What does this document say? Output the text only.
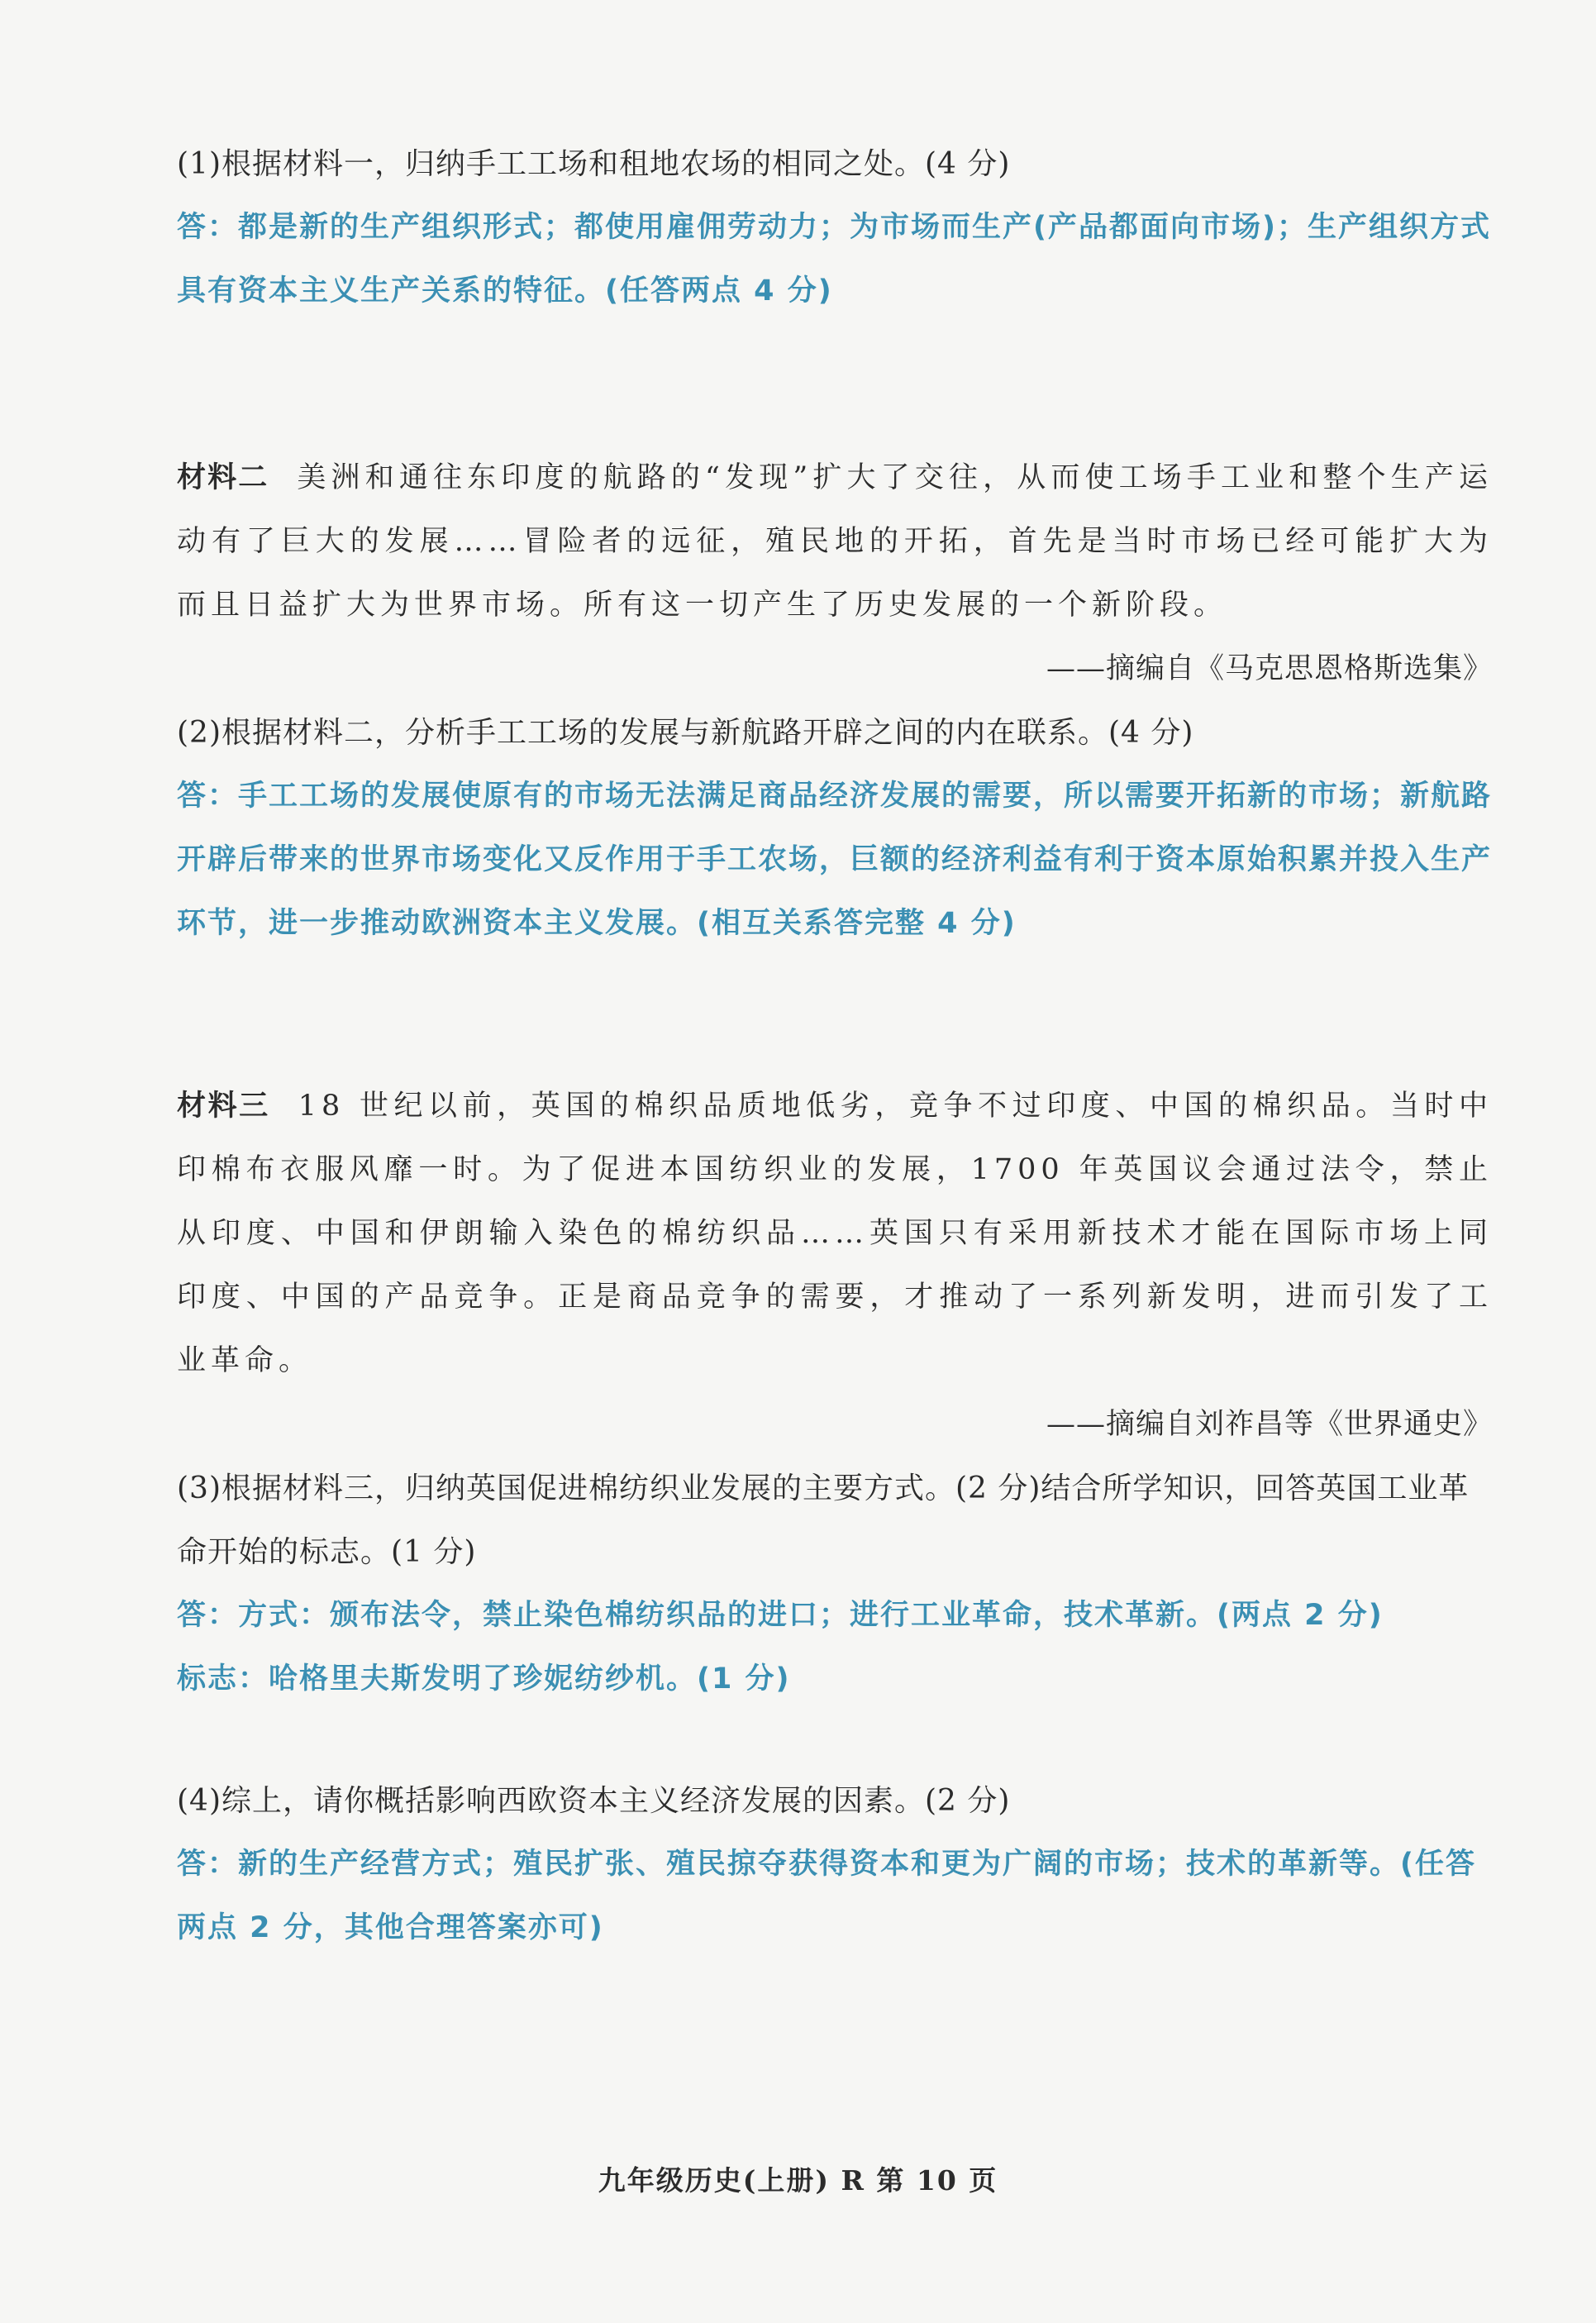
(1)根据材料一，归纳手工工场和租地农场的相同之处。(4 分)
答：都是新的生产组织形式；都使用雇佣劳动力；为市场而生产(产品都面向市场)；生产组织方式具有资本主义生产关系的特征。(任答两点 4 分)
材料二 美洲和通往东印度的航路的“发现”扩大了交往，从而使工场手工业和整个生产运动有了巨大的发展……冒险者的远征，殖民地的开拓，首先是当时市场已经可能扩大为而且日益扩大为世界市场。所有这一切产生了历史发展的一个新阶段。
——摘编自《马克思恩格斯选集》
(2)根据材料二，分析手工工场的发展与新航路开辟之间的内在联系。(4 分)
答：手工工场的发展使原有的市场无法满足商品经济发展的需要，所以需要开拓新的市场；新航路开辟后带来的世界市场变化又反作用于手工农场，巨额的经济利益有利于资本原始积累并投入生产环节，进一步推动欧洲资本主义发展。(相互关系答完整 4 分)
材料三 18 世纪以前，英国的棉织品质地低劣，竞争不过印度、中国的棉织品。当时中印棉布衣服风靡一时。为了促进本国纺织业的发展，1700 年英国议会通过法令，禁止从印度、中国和伊朗输入染色的棉纺织品……英国只有采用新技术才能在国际市场上同印度、中国的产品竞争。正是商品竞争的需要，才推动了一系列新发明，进而引发了工业革命。
——摘编自刘祚昌等《世界通史》
(3)根据材料三，归纳英国促进棉纺织业发展的主要方式。(2 分)结合所学知识，回答英国工业革命开始的标志。(1 分)
答：方式：颁布法令，禁止染色棉纺织品的进口；进行工业革命，技术革新。(两点 2 分)
标志：哈格里夫斯发明了珍妮纺纱机。(1 分)
(4)综上，请你概括影响西欧资本主义经济发展的因素。(2 分)
答：新的生产经营方式；殖民扩张、殖民掠夺获得资本和更为广阔的市场；技术的革新等。(任答两点 2 分，其他合理答案亦可)
九年级历史(上册) R 第 10 页
